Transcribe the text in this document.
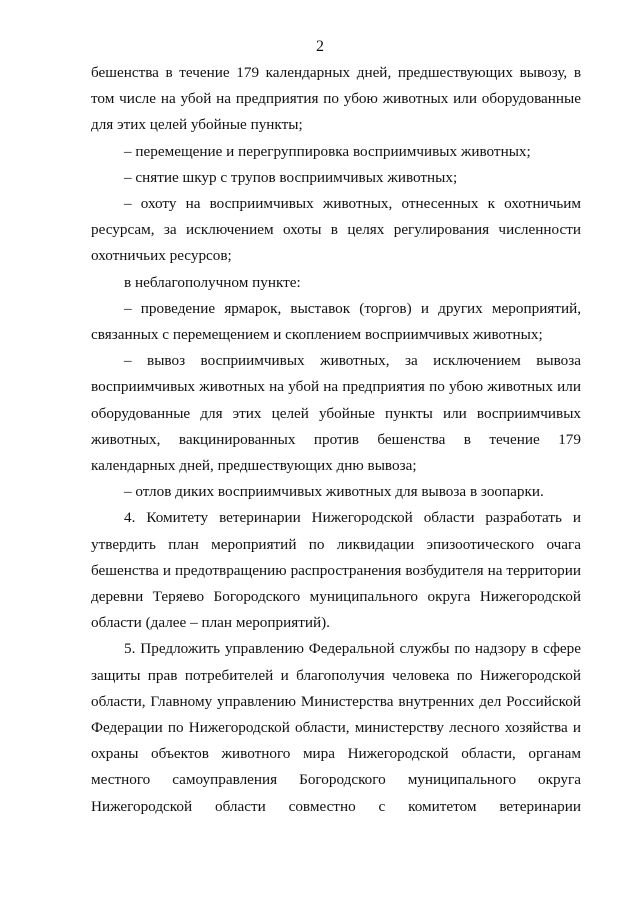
2

бешенства в течение 179 календарных дней, предшествующих вывозу, в том числе на убой на предприятия по убою животных или оборудованные для этих целей убойные пункты;

– перемещение и перегруппировка восприимчивых животных;

– снятие шкур с трупов восприимчивых животных;

– охоту на восприимчивых животных, отнесенных к охотничьим ресурсам, за исключением охоты в целях регулирования численности охотничьих ресурсов;

в неблагополучном пункте:

– проведение ярмарок, выставок (торгов) и других мероприятий, связанных с перемещением и скоплением восприимчивых животных;

– вывоз восприимчивых животных, за исключением вывоза восприимчивых животных на убой на предприятия по убою животных или оборудованные для этих целей убойные пункты или восприимчивых животных, вакцинированных против бешенства в течение 179 календарных дней, предшествующих дню вывоза;

– отлов диких восприимчивых животных для вывоза в зоопарки.

4. Комитету ветеринарии Нижегородской области разработать и утвердить план мероприятий по ликвидации эпизоотического очага бешенства и предотвращению распространения возбудителя на территории деревни Теряево Богородского муниципального округа Нижегородской области (далее – план мероприятий).

5. Предложить управлению Федеральной службы по надзору в сфере защиты прав потребителей и благополучия человека по Нижегородской области, Главному управлению Министерства внутренних дел Российской Федерации по Нижегородской области, министерству лесного хозяйства и охраны объектов животного мира Нижегородской области, органам местного самоуправления Богородского муниципального округа Нижегородской области совместно с комитетом ветеринарии
